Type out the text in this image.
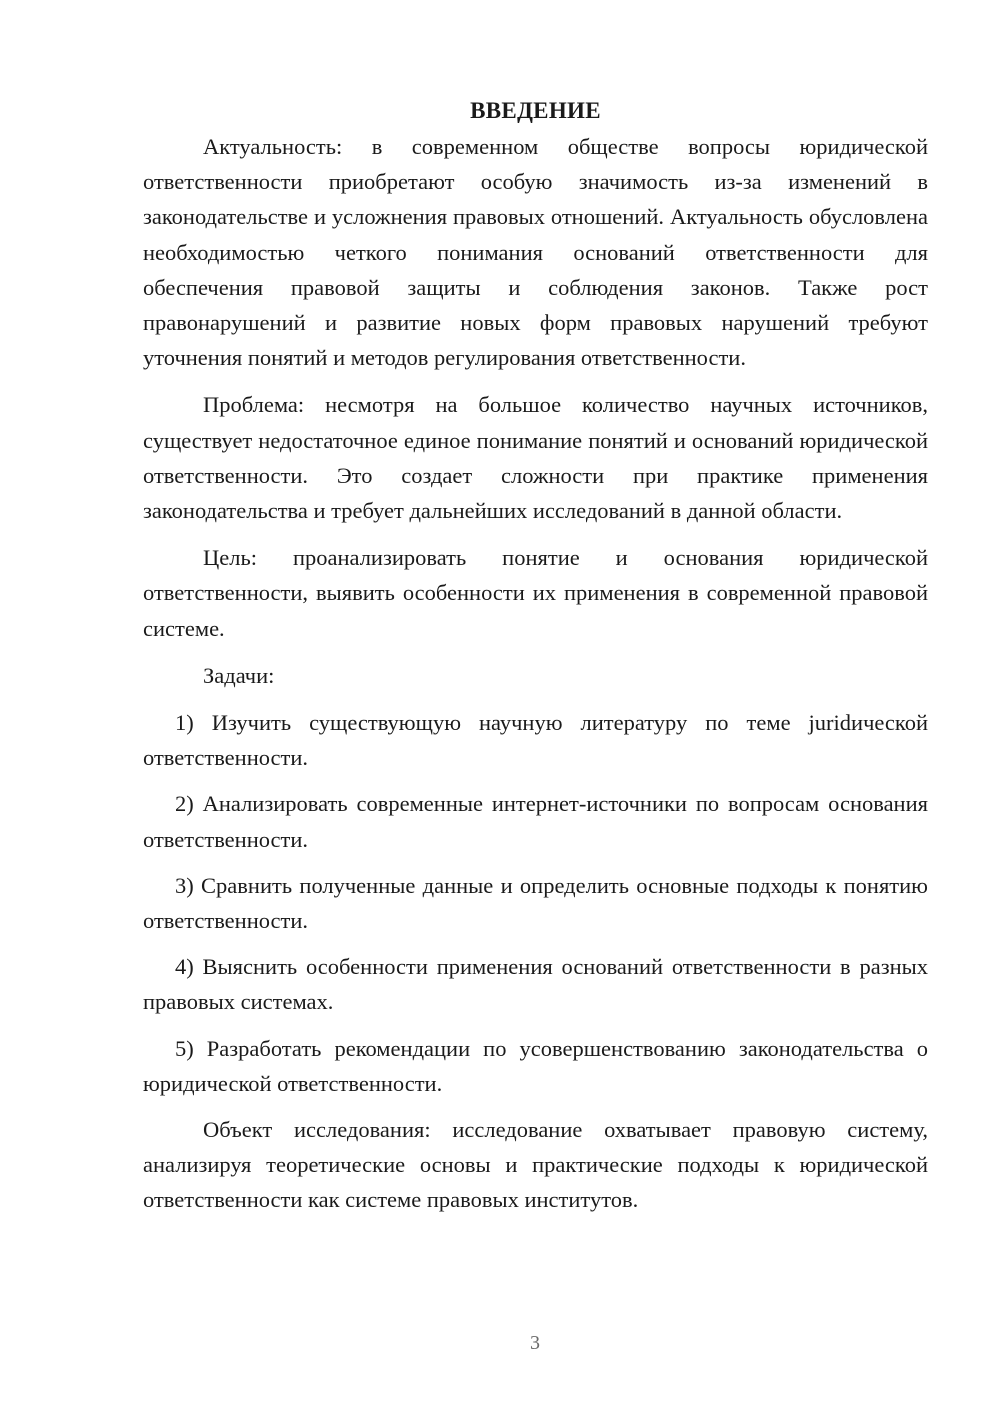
ВВЕДЕНИЕ

Актуальность: в современном обществе вопросы юридической ответственности приобретают особую значимость из-за изменений в законодательстве и усложнения правовых отношений. Актуальность обусловлена необходимостью четкого понимания оснований ответственности для обеспечения правовой защиты и соблюдения законов. Также рост правонарушений и развитие новых форм правовых нарушений требуют уточнения понятий и методов регулирования ответственности.

Проблема: несмотря на большое количество научных источников, существует недостаточное единое понимание понятий и оснований юридической ответственности. Это создает сложности при практике применения законодательства и требует дальнейших исследований в данной области.

Цель: проанализировать понятие и основания юридической ответственности, выявить особенности их применения в современной правовой системе.

Задачи:

1) Изучить существующую научную литературу по теме juridической ответственности.

2) Анализировать современные интернет-источники по вопросам основания ответственности.

3) Сравнить полученные данные и определить основные подходы к понятию ответственности.

4) Выяснить особенности применения оснований ответственности в разных правовых системах.

5) Разработать рекомендации по усовершенствованию законодательства о юридической ответственности.

Объект исследования: исследование охватывает правовую систему, анализируя теоретические основы и практические подходы к юридической ответственности как системе правовых институтов.

3
